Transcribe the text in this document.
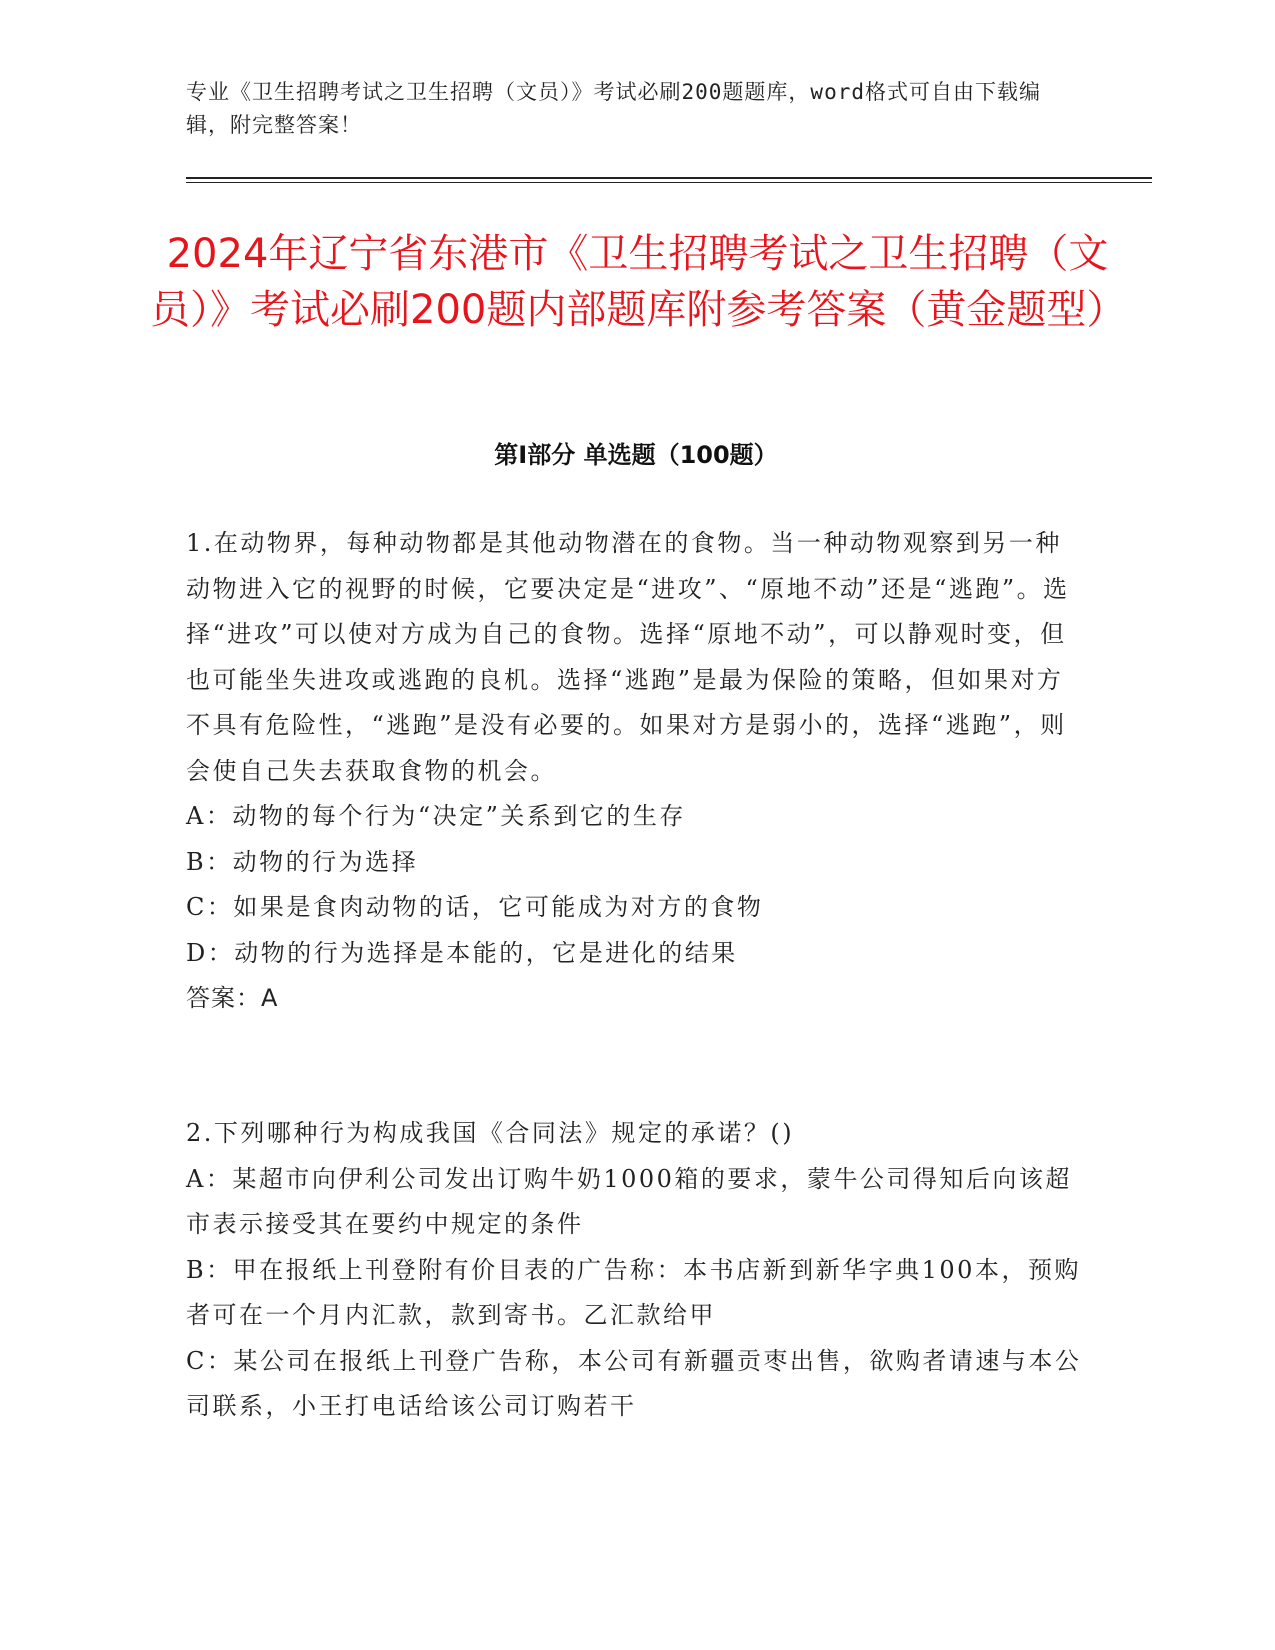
专业《卫生招聘考试之卫生招聘（文员）》考试必刷200题题库，word格式可自由下载编辑，附完整答案！
2024年辽宁省东港市《卫生招聘考试之卫生招聘（文员）》考试必刷200题内部题库附参考答案（黄金题型）
第I部分 单选题（100题）

1.在动物界，每种动物都是其他动物潜在的食物。当一种动物观察到另一种动物进入它的视野的时候，它要决定是“进攻”、“原地不动”还是“逃跑”。选择“进攻”可以使对方成为自己的食物。选择“原地不动”，可以静观时变，但也可能坐失进攻或逃跑的良机。选择“逃跑”是最为保险的策略，但如果对方不具有危险性，“逃跑”是没有必要的。如果对方是弱小的，选择“逃跑”，则会使自己失去获取食物的机会。

A：动物的每个行为“决定”关系到它的生存

B：动物的行为选择

C：如果是食肉动物的话，它可能成为对方的食物

D：动物的行为选择是本能的，它是进化的结果

答案：A

2.下列哪种行为构成我国《合同法》规定的承诺？()

A：某超市向伊利公司发出订购牛奶1000箱的要求，蒙牛公司得知后向该超市表示接受其在要约中规定的条件

B：甲在报纸上刊登附有价目表的广告称：本书店新到新华字典100本，预购者可在一个月内汇款，款到寄书。乙汇款给甲

C：某公司在报纸上刊登广告称，本公司有新疆贡枣出售，欲购者请速与本公司联系，小王打电话给该公司订购若干
